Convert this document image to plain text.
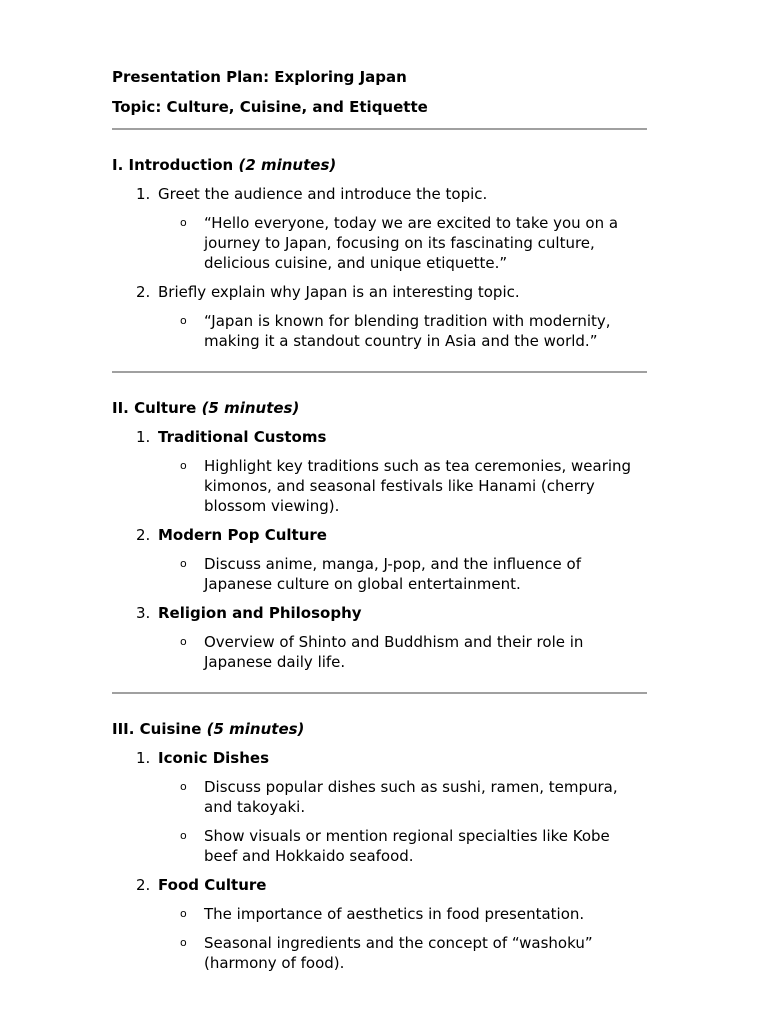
Presentation Plan: Exploring Japan
Topic: Culture, Cuisine, and Etiquette
I. Introduction (2 minutes)
1. Greet the audience and introduce the topic.
o	“Hello everyone, today we are excited to take you on a journey to Japan, focusing on its fascinating culture, delicious cuisine, and unique etiquette.”
2. Briefly explain why Japan is an interesting topic.
o	“Japan is known for blending tradition with modernity, making it a standout country in Asia and the world.”
II. Culture (5 minutes)
1. Traditional Customs
o	Highlight key traditions such as tea ceremonies, wearing kimonos, and seasonal festivals like Hanami (cherry blossom viewing).
2. Modern Pop Culture
o	Discuss anime, manga, J-pop, and the influence of Japanese culture on global entertainment.
3. Religion and Philosophy
o	Overview of Shinto and Buddhism and their role in Japanese daily life.
III. Cuisine (5 minutes)
1. Iconic Dishes
o	Discuss popular dishes such as sushi, ramen, tempura, and takoyaki.
o	Show visuals or mention regional specialties like Kobe beef and Hokkaido seafood.
2. Food Culture
o	The importance of aesthetics in food presentation.
o	Seasonal ingredients and the concept of “washoku” (harmony of food).
